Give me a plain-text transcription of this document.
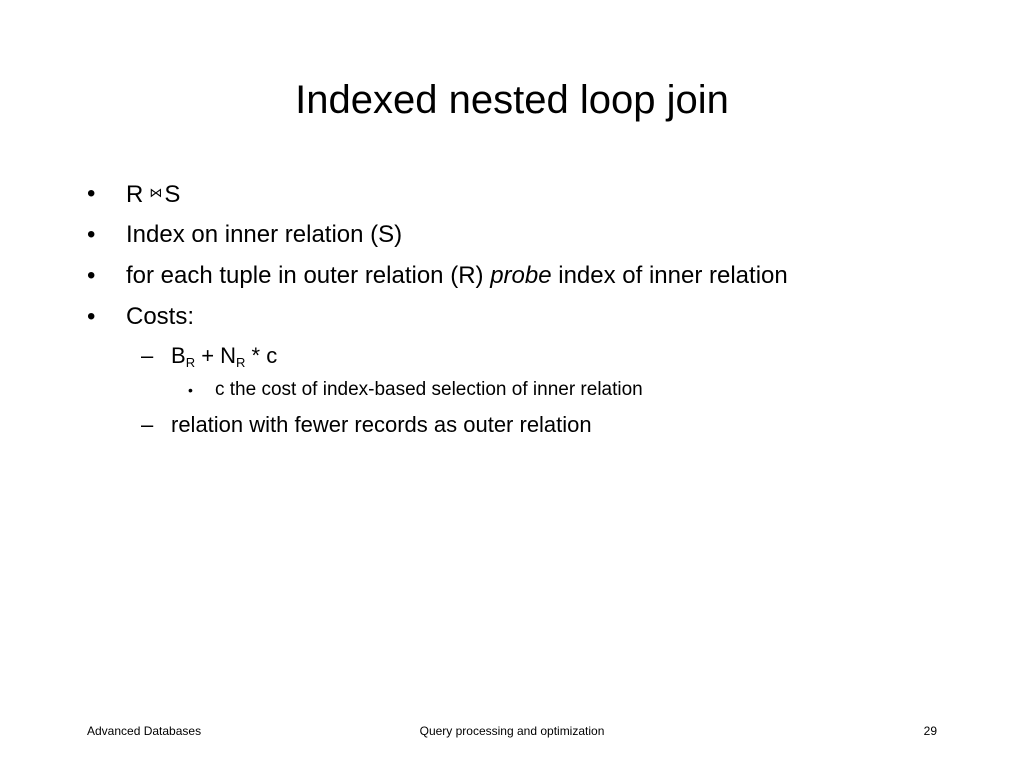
Indexed nested loop join
• R ⋈S
• Index on inner relation (S)
• for each tuple in outer relation (R) probe index of inner relation
• Costs:
– $B_R + N_R * c$
• c the cost of index-based selection of inner relation
– relation with fewer records as outer relation
Advanced Databases	Query processing and optimization	29
